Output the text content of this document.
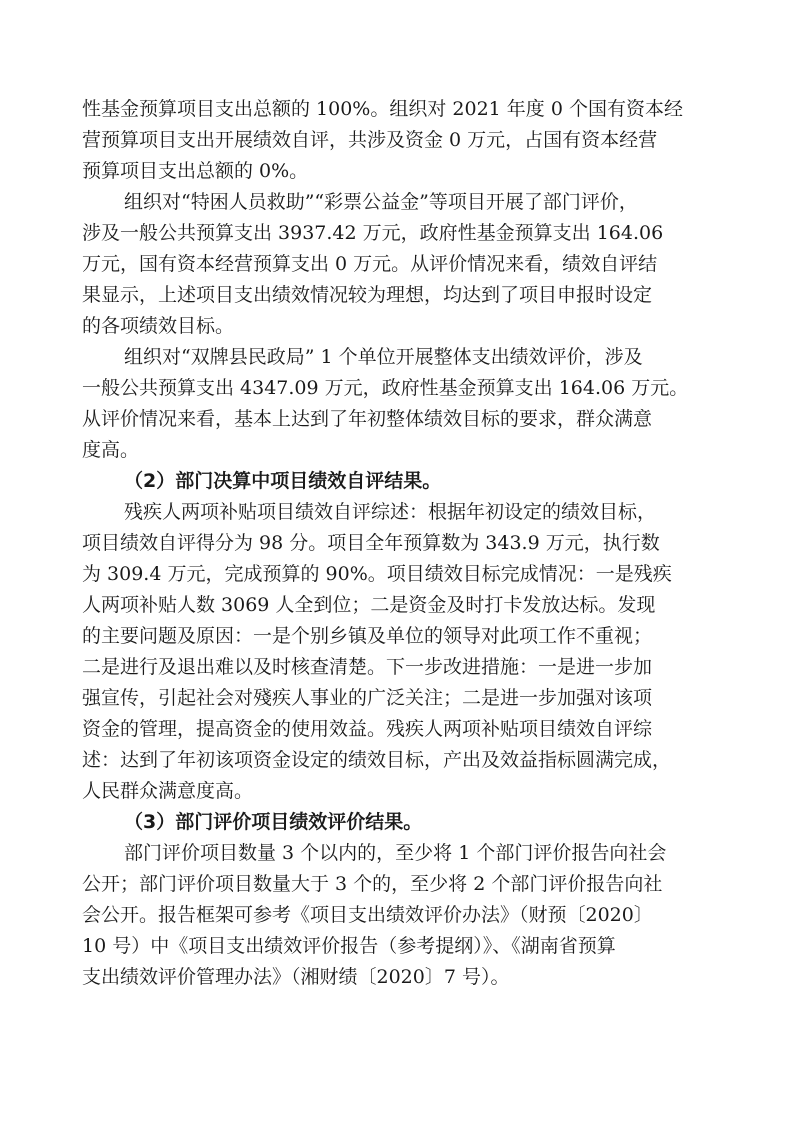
性基金预算项目支出总额的 100%。组织对 2021 年度 0 个国有资本经
营预算项目支出开展绩效自评，共涉及资金 0 万元，占国有资本经营
预算项目支出总额的 0%。
组织对“特困人员救助”“彩票公益金”等项目开展了部门评价，
涉及一般公共预算支出 3937.42 万元，政府性基金预算支出 164.06
万元，国有资本经营预算支出 0 万元。从评价情况来看，绩效自评结
果显示，上述项目支出绩效情况较为理想，均达到了项目申报时设定
的各项绩效目标。
组织对“双牌县民政局” 1 个单位开展整体支出绩效评价，涉及
一般公共预算支出 4347.09 万元，政府性基金预算支出 164.06 万元。
从评价情况来看，基本上达到了年初整体绩效目标的要求，群众满意
度高。
（2）部门决算中项目绩效自评结果。
残疾人两项补贴项目绩效自评综述：根据年初设定的绩效目标，
项目绩效自评得分为 98 分。项目全年预算数为 343.9 万元，执行数
为 309.4 万元，完成预算的 90%。项目绩效目标完成情况：一是残疾
人两项补贴人数 3069 人全到位；二是资金及时打卡发放达标。发现
的主要问题及原因：一是个别乡镇及单位的领导对此项工作不重视；
二是进行及退出难以及时核查清楚。下一步改进措施：一是进一步加
强宣传，引起社会对殘疾人事业的广泛关注；二是进一步加强对该项
资金的管理，提高资金的使用效益。残疾人两项补贴项目绩效自评综
述：达到了年初该项资金设定的绩效目标，产出及效益指标圆满完成，
人民群众满意度高。
（3）部门评价项目绩效评价结果。
部门评价项目数量 3 个以内的，至少将 1 个部门评价报告向社会
公开；部门评价项目数量大于 3 个的，至少将 2 个部门评价报告向社
会公开。报告框架可参考《项目支出绩效评价办法》（财预〔2020〕
10 号）中《项目支出绩效评价报告（参考提纲）》、《湖南省预算
支出绩效评价管理办法》（湘财绩〔2020〕7 号）。
